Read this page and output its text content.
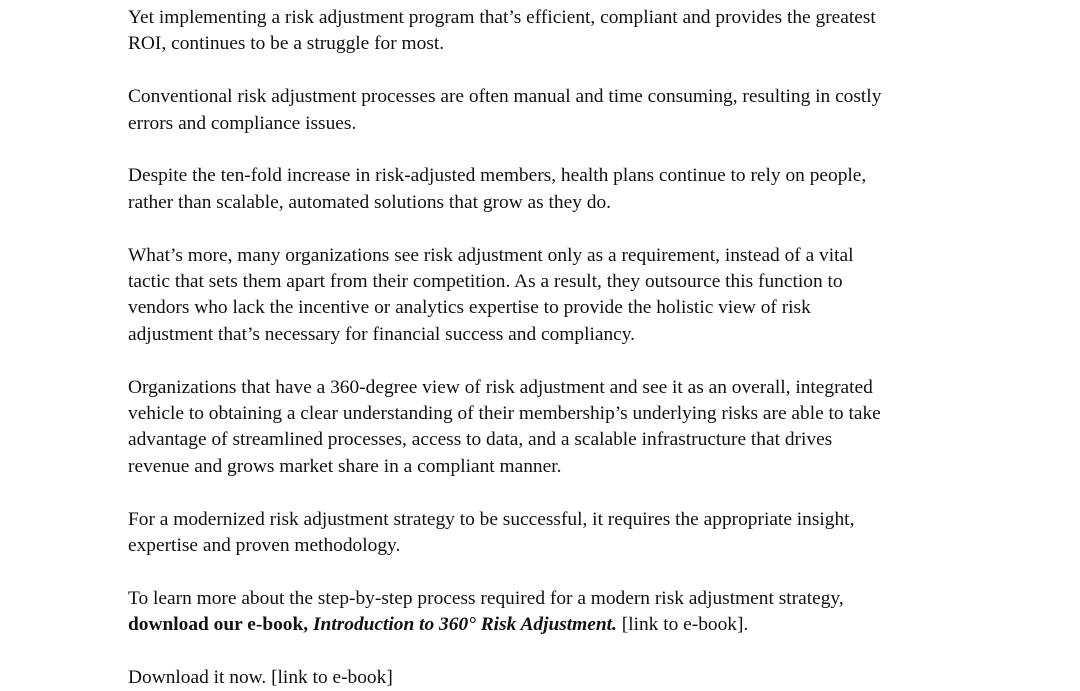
Yet implementing a risk adjustment program that’s efficient, compliant and provides the greatest
ROI, continues to be a struggle for most.

Conventional risk adjustment processes are often manual and time consuming, resulting in costly
errors and compliance issues.

Despite the ten-fold increase in risk-adjusted members, health plans continue to rely on people,
rather than scalable, automated solutions that grow as they do.

What’s more, many organizations see risk adjustment only as a requirement, instead of a vital
tactic that sets them apart from their competition. As a result, they outsource this function to
vendors who lack the incentive or analytics expertise to provide the holistic view of risk
adjustment that’s necessary for financial success and compliancy.

Organizations that have a 360-degree view of risk adjustment and see it as an overall, integrated
vehicle to obtaining a clear understanding of their membership’s underlying risks are able to take
advantage of streamlined processes, access to data, and a scalable infrastructure that drives
revenue and grows market share in a compliant manner.

For a modernized risk adjustment strategy to be successful, it requires the appropriate insight,
expertise and proven methodology.

To learn more about the step-by-step process required for a modern risk adjustment strategy,
download our e-book, Introduction to 360° Risk Adjustment. [link to e-book].

Download it now. [link to e-book]
